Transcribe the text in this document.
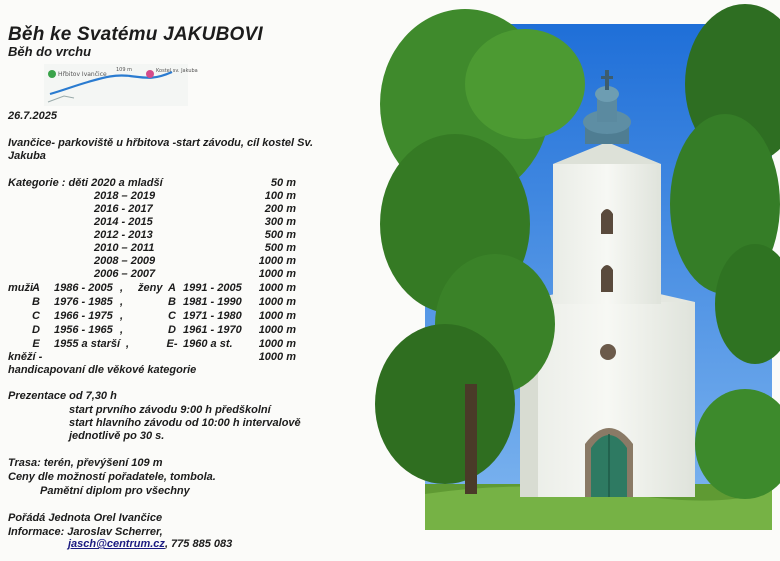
Běh ke Svatému JAKUBOVI
Běh do vrchu
Hřbitov Ivančice	Kostel sv. Jakuba
109 m
26.7.2025
Ivančice- parkoviště u hřbitova -start závodu, cíl kostel Sv. Jakuba
Kategorie : děti 2020 a mladší	50 m
2018 – 2019	100 m
2016 - 2017	200 m
2014 - 2015	300 m
2012 - 2013	500 m
2010 – 2011	500 m
2008 – 2009	1000 m
2006 – 2007	1000 m
muži	ženy
A 1986 - 2005 ,	A 1991 - 2005	1000 m
B 1976 - 1985 ,	B 1981 - 1990	1000 m
C 1966 - 1975 ,	C 1971 - 1980	1000 m
D 1956 - 1965 ,	D 1961 - 1970	1000 m
E 1955 a starší ,	E- 1960 a st.	1000 m
kněží -	1000 m
handicapovaní dle věkové kategorie
Prezentace od 7,30 h
start prvního závodu 9:00 h předškolní
start hlavního závodu od 10:00 h intervalově
jednotlivě po 30 s.
Trasa: terén, převýšení 109 m
Ceny dle možností pořadatele, tombola.
Pamětní diplom pro všechny
Pořádá Jednota Orel Ivančice
Informace: Jaroslav Scherrer,
jasch@centrum.cz, 775 885 083
